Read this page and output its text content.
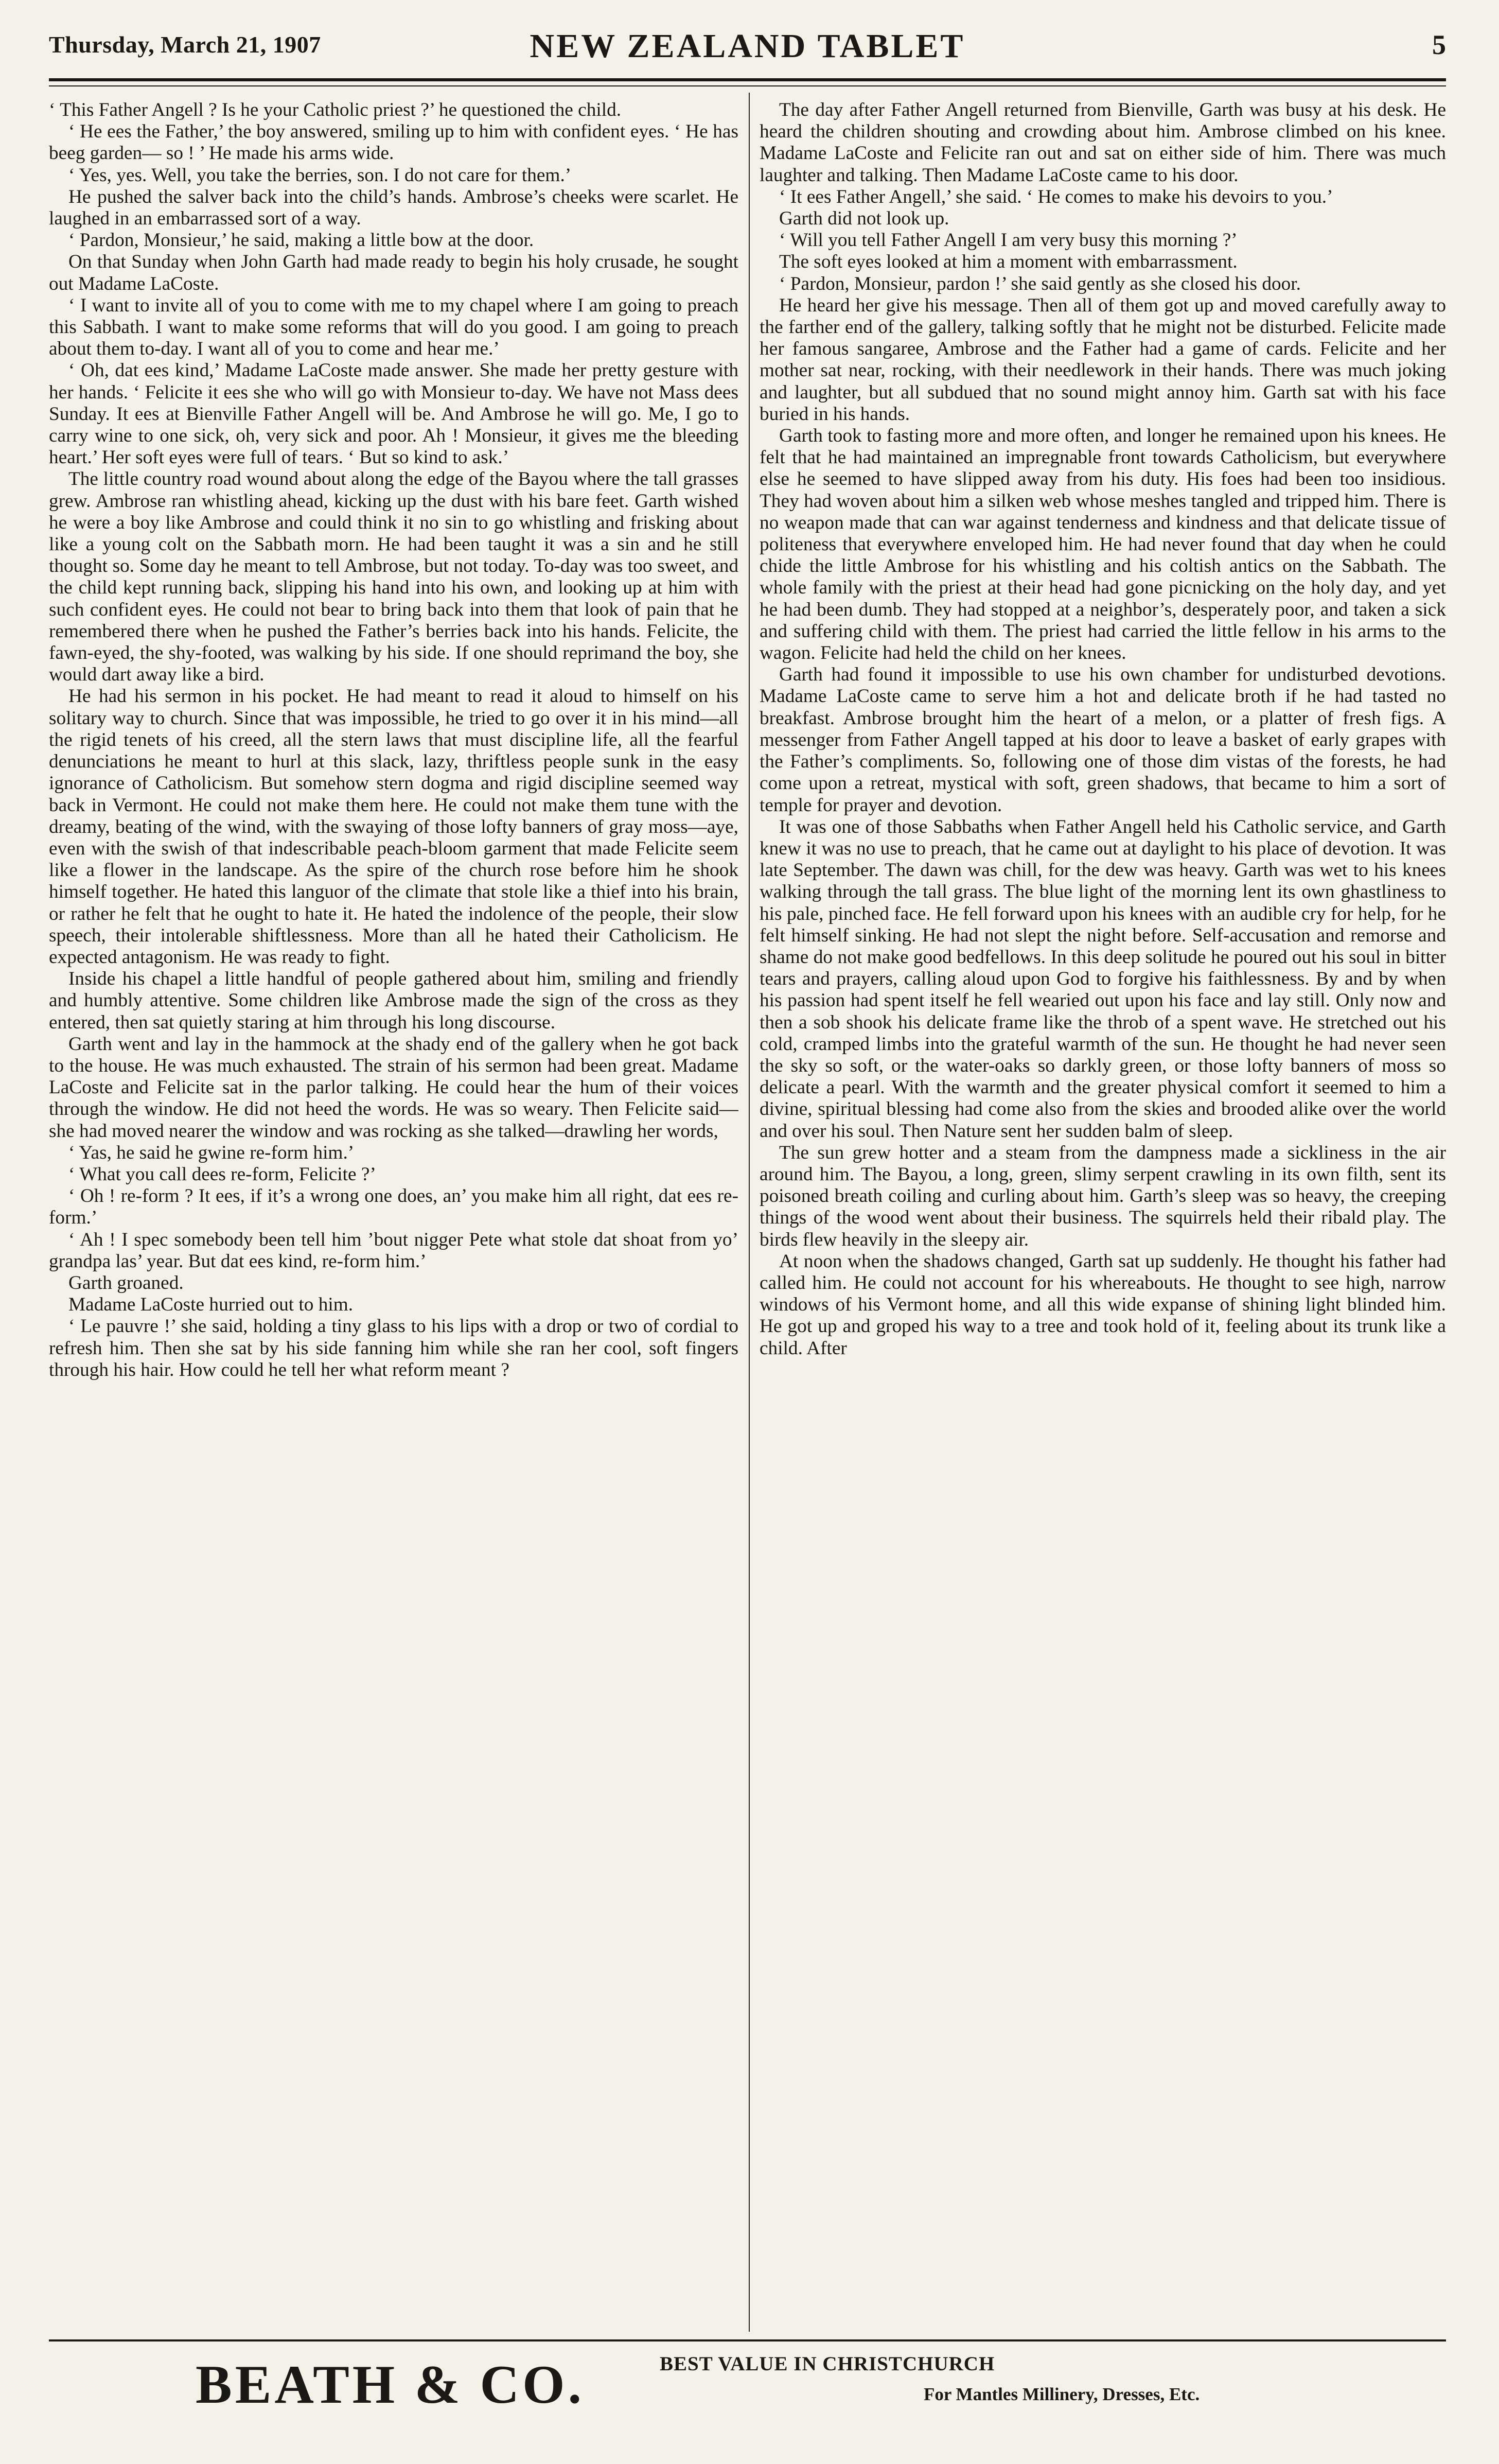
Thursday, March 21, 1907	NEW ZEALAND TABLET	5

‘ This Father Angell ? Is he your Catholic priest ?’ he questioned the child.

‘ He ees the Father,’ the boy answered, smiling up to him with confident eyes. ‘ He has beeg garden— so ! ’ He made his arms wide.

‘ Yes, yes. Well, you take the berries, son. I do not care for them.’

He pushed the salver back into the child’s hands. Ambrose’s cheeks were scarlet. He laughed in an embarrassed sort of a way.

‘ Pardon, Monsieur,’ he said, making a little bow at the door.

On that Sunday when John Garth had made ready to begin his holy crusade, he sought out Madame LaCoste.

‘ I want to invite all of you to come with me to my chapel where I am going to preach this Sabbath. I want to make some reforms that will do you good. I am going to preach about them to-day. I want all of you to come and hear me.’

‘ Oh, dat ees kind,’ Madame LaCoste made answer. She made her pretty gesture with her hands. ‘ Felicite it ees she who will go with Monsieur to-day. We have not Mass dees Sunday. It ees at Bienville Father Angell will be. And Ambrose he will go. Me, I go to carry wine to one sick, oh, very sick and poor. Ah ! Monsieur, it gives me the bleeding heart.’ Her soft eyes were full of tears. ‘ But so kind to ask.’

The little country road wound about along the edge of the Bayou where the tall grasses grew. Ambrose ran whistling ahead, kicking up the dust with his bare feet. Garth wished he were a boy like Ambrose and could think it no sin to go whistling and frisking about like a young colt on the Sabbath morn. He had been taught it was a sin and he still thought so. Some day he meant to tell Ambrose, but not today. To-day was too sweet, and the child kept running back, slipping his hand into his own, and looking up at him with such confident eyes. He could not bear to bring back into them that look of pain that he remembered there when he pushed the Father’s berries back into his hands. Felicite, the fawn-eyed, the shy-footed, was walking by his side. If one should reprimand the boy, she would dart away like a bird.

He had his sermon in his pocket. He had meant to read it aloud to himself on his solitary way to church. Since that was impossible, he tried to go over it in his mind—all the rigid tenets of his creed, all the stern laws that must discipline life, all the fearful denunciations he meant to hurl at this slack, lazy, thriftless people sunk in the easy ignorance of Catholicism. But somehow stern dogma and rigid discipline seemed way back in Vermont. He could not make them here. He could not make them tune with the dreamy, beating of the wind, with the swaying of those lofty banners of gray moss—aye, even with the swish of that indescribable peach-bloom garment that made Felicite seem like a flower in the landscape. As the spire of the church rose before him he shook himself together. He hated this languor of the climate that stole like a thief into his brain, or rather he felt that he ought to hate it. He hated the indolence of the people, their slow speech, their intolerable shiftlessness. More than all he hated their Catholicism. He expected antagonism. He was ready to fight.

Inside his chapel a little handful of people gathered about him, smiling and friendly and humbly attentive. Some children like Ambrose made the sign of the cross as they entered, then sat quietly staring at him through his long discourse.

Garth went and lay in the hammock at the shady end of the gallery when he got back to the house. He was much exhausted. The strain of his sermon had been great. Madame LaCoste and Felicite sat in the parlor talking. He could hear the hum of their voices through the window. He did not heed the words. He was so weary. Then Felicite said—she had moved nearer the window and was rocking as she talked—drawling her words,

‘ Yas, he said he gwine re-form him.’

‘ What you call dees re-form, Felicite ?’

‘ Oh ! re-form ? It ees, if it’s a wrong one does, an’ you make him all right, dat ees re-form.’

‘ Ah ! I spec somebody been tell him ’bout nigger Pete what stole dat shoat from yo’ grandpa las’ year. But dat ees kind, re-form him.’

Garth groaned.

Madame LaCoste hurried out to him.

‘ Le pauvre !’ she said, holding a tiny glass to his lips with a drop or two of cordial to refresh him. Then she sat by his side fanning him while she ran her cool, soft fingers through his hair. How could he tell her what reform meant ?

The day after Father Angell returned from Bienville, Garth was busy at his desk. He heard the children shouting and crowding about him. Ambrose climbed on his knee. Madame LaCoste and Felicite ran out and sat on either side of him. There was much laughter and talking. Then Madame LaCoste came to his door.

‘ It ees Father Angell,’ she said. ‘ He comes to make his devoirs to you.’

Garth did not look up.

‘ Will you tell Father Angell I am very busy this morning ?’

The soft eyes looked at him a moment with embarrassment.

‘ Pardon, Monsieur, pardon !’ she said gently as she closed his door.

He heard her give his message. Then all of them got up and moved carefully away to the farther end of the gallery, talking softly that he might not be disturbed. Felicite made her famous sangaree, Ambrose and the Father had a game of cards. Felicite and her mother sat near, rocking, with their needlework in their hands. There was much joking and laughter, but all subdued that no sound might annoy him. Garth sat with his face buried in his hands.

Garth took to fasting more and more often, and longer he remained upon his knees. He felt that he had maintained an impregnable front towards Catholicism, but everywhere else he seemed to have slipped away from his duty. His foes had been too insidious. They had woven about him a silken web whose meshes tangled and tripped him. There is no weapon made that can war against tenderness and kindness and that delicate tissue of politeness that everywhere enveloped him. He had never found that day when he could chide the little Ambrose for his whistling and his coltish antics on the Sabbath. The whole family with the priest at their head had gone picnicking on the holy day, and yet he had been dumb. They had stopped at a neighbor’s, desperately poor, and taken a sick and suffering child with them. The priest had carried the little fellow in his arms to the wagon. Felicite had held the child on her knees.

Garth had found it impossible to use his own chamber for undisturbed devotions. Madame LaCoste came to serve him a hot and delicate broth if he had tasted no breakfast. Ambrose brought him the heart of a melon, or a platter of fresh figs. A messenger from Father Angell tapped at his door to leave a basket of early grapes with the Father’s compliments. So, following one of those dim vistas of the forests, he had come upon a retreat, mystical with soft, green shadows, that became to him a sort of temple for prayer and devotion.

It was one of those Sabbaths when Father Angell held his Catholic service, and Garth knew it was no use to preach, that he came out at daylight to his place of devotion. It was late September. The dawn was chill, for the dew was heavy. Garth was wet to his knees walking through the tall grass. The blue light of the morning lent its own ghastliness to his pale, pinched face. He fell forward upon his knees with an audible cry for help, for he felt himself sinking. He had not slept the night before. Self-accusation and remorse and shame do not make good bedfellows. In this deep solitude he poured out his soul in bitter tears and prayers, calling aloud upon God to forgive his faithlessness. By and by when his passion had spent itself he fell wearied out upon his face and lay still. Only now and then a sob shook his delicate frame like the throb of a spent wave. He stretched out his cold, cramped limbs into the grateful warmth of the sun. He thought he had never seen the sky so soft, or the water-oaks so darkly green, or those lofty banners of moss so delicate a pearl. With the warmth and the greater physical comfort it seemed to him a divine, spiritual blessing had come also from the skies and brooded alike over the world and over his soul. Then Nature sent her sudden balm of sleep.

The sun grew hotter and a steam from the dampness made a sickliness in the air around him. The Bayou, a long, green, slimy serpent crawling in its own filth, sent its poisoned breath coiling and curling about him. Garth’s sleep was so heavy, the creeping things of the wood went about their business. The squirrels held their ribald play. The birds flew heavily in the sleepy air.

At noon when the shadows changed, Garth sat up suddenly. He thought his father had called him. He could not account for his whereabouts. He thought to see high, narrow windows of his Vermont home, and all this wide expanse of shining light blinded him. He got up and groped his way to a tree and took hold of it, feeling about its trunk like a child. After

BEATH & CO.	BEST VALUE IN CHRISTCHURCH
For Mantles Millinery, Dresses, Etc.
